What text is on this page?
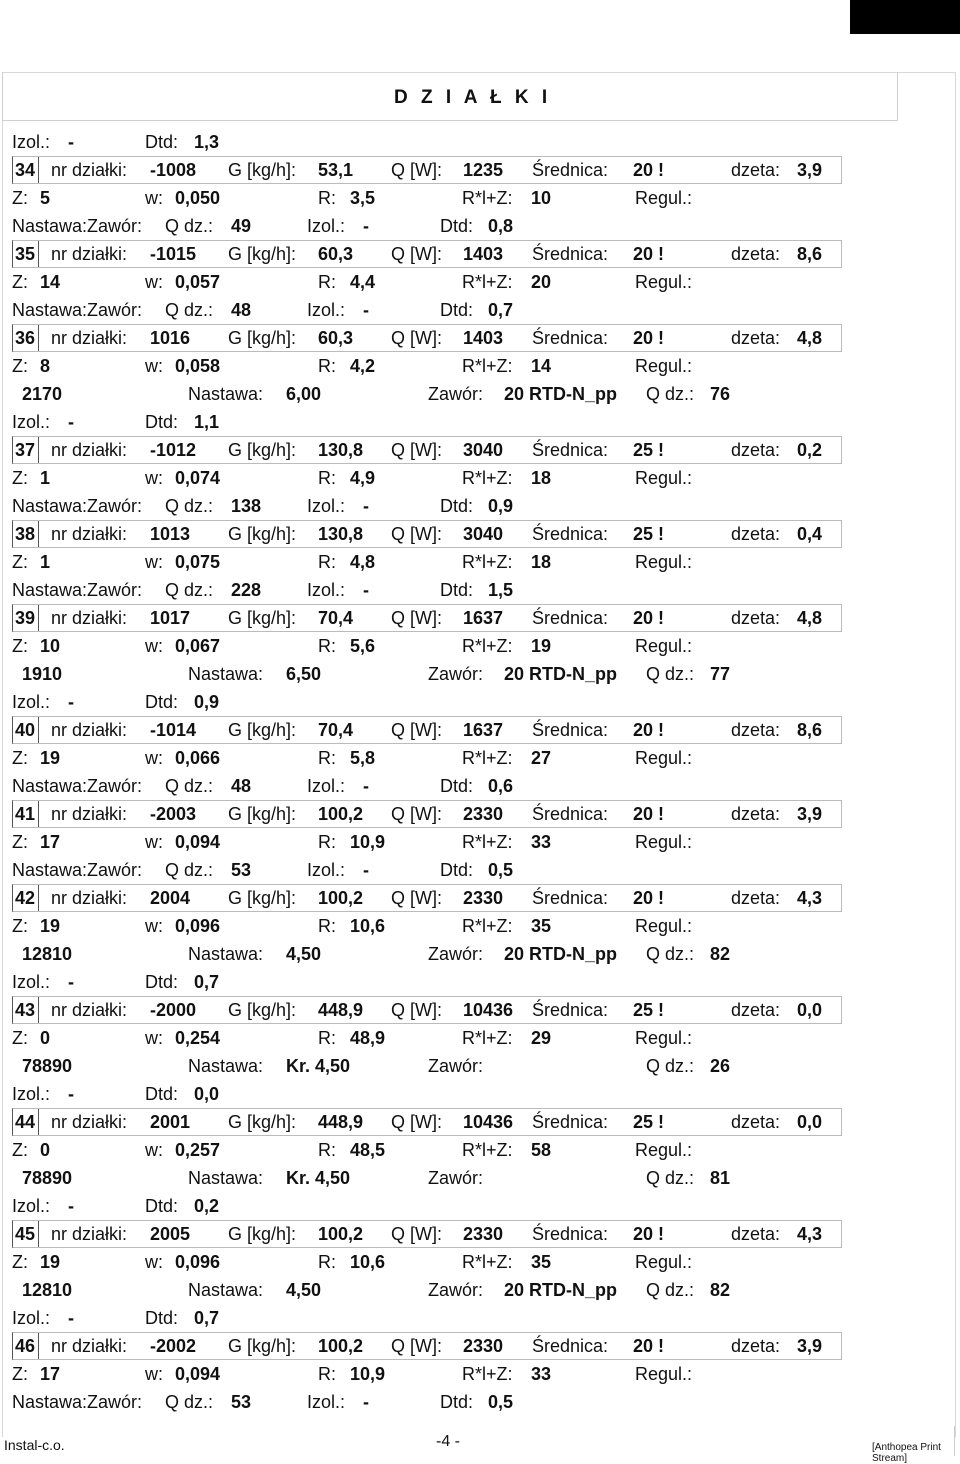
D Z I A Ł K I
Izol.: -	Dtd: 1,3
34 nr działki: -1008 G [kg/h]: 53,1 Q [W]: 1235 Średnica: 20 !	dzeta: 3,9
Z: 5	w: 0,050	R: 3,5	R*l+Z: 10	Regul.:
Nastawa:Zawór: Q dz.: 49	Izol.: -	Dtd: 0,8
35 nr działki: -1015 G [kg/h]: 60,3 Q [W]: 1403 Średnica: 20 !	dzeta: 8,6
Z: 14	w: 0,057	R: 4,4	R*l+Z: 20	Regul.:
Nastawa:Zawór: Q dz.: 48	Izol.: -	Dtd: 0,7
36 nr działki: 1016 G [kg/h]: 60,3 Q [W]: 1403 Średnica: 20 !	dzeta: 4,8
Z: 8	w: 0,058	R: 4,2	R*l+Z: 14	Regul.:
2170	Nastawa: 6,00	Zawór: 20 RTD-N_pp Q dz.: 76
Izol.: -	Dtd: 1,1
37 nr działki: -1012 G [kg/h]: 130,8 Q [W]: 3040 Średnica: 25 !	dzeta: 0,2
Z: 1	w: 0,074	R: 4,9	R*l+Z: 18	Regul.:
Nastawa:Zawór: Q dz.: 138	Izol.: -	Dtd: 0,9
38 nr działki: 1013 G [kg/h]: 130,8 Q [W]: 3040 Średnica: 25 !	dzeta: 0,4
Z: 1	w: 0,075	R: 4,8	R*l+Z: 18	Regul.:
Nastawa:Zawór: Q dz.: 228	Izol.: -	Dtd: 1,5
39 nr działki: 1017 G [kg/h]: 70,4 Q [W]: 1637 Średnica: 20 !	dzeta: 4,8
Z: 10	w: 0,067	R: 5,6	R*l+Z: 19	Regul.:
1910	Nastawa: 6,50	Zawór: 20 RTD-N_pp Q dz.: 77
Izol.: -	Dtd: 0,9
40 nr działki: -1014 G [kg/h]: 70,4 Q [W]: 1637 Średnica: 20 !	dzeta: 8,6
Z: 19	w: 0,066	R: 5,8	R*l+Z: 27	Regul.:
Nastawa:Zawór: Q dz.: 48	Izol.: -	Dtd: 0,6
41 nr działki: -2003 G [kg/h]: 100,2 Q [W]: 2330 Średnica: 20 !	dzeta: 3,9
Z: 17	w: 0,094	R: 10,9	R*l+Z: 33	Regul.:
Nastawa:Zawór: Q dz.: 53	Izol.: -	Dtd: 0,5
42 nr działki: 2004 G [kg/h]: 100,2 Q [W]: 2330 Średnica: 20 !	dzeta: 4,3
Z: 19	w: 0,096	R: 10,6	R*l+Z: 35	Regul.:
12810	Nastawa: 4,50	Zawór: 20 RTD-N_pp Q dz.: 82
Izol.: -	Dtd: 0,7
43 nr działki: -2000 G [kg/h]: 448,9 Q [W]: 10436 Średnica: 25 !	dzeta: 0,0
Z: 0	w: 0,254	R: 48,9	R*l+Z: 29	Regul.:
78890	Nastawa: Kr. 4,50	Zawór:	Q dz.: 26
Izol.: -	Dtd: 0,0
44 nr działki: 2001 G [kg/h]: 448,9 Q [W]: 10436 Średnica: 25 !	dzeta: 0,0
Z: 0	w: 0,257	R: 48,5	R*l+Z: 58	Regul.:
78890	Nastawa: Kr. 4,50	Zawór:	Q dz.: 81
Izol.: -	Dtd: 0,2
45 nr działki: 2005 G [kg/h]: 100,2 Q [W]: 2330 Średnica: 20 !	dzeta: 4,3
Z: 19	w: 0,096	R: 10,6	R*l+Z: 35	Regul.:
12810	Nastawa: 4,50	Zawór: 20 RTD-N_pp Q dz.: 82
Izol.: -	Dtd: 0,7
46 nr działki: -2002 G [kg/h]: 100,2 Q [W]: 2330 Średnica: 20 !	dzeta: 3,9
Z: 17	w: 0,094	R: 10,9	R*l+Z: 33	Regul.:
Nastawa:Zawór: Q dz.: 53	Izol.: -	Dtd: 0,5
Instal-c.o.	-4 -	[Anthopea Print Stream]
